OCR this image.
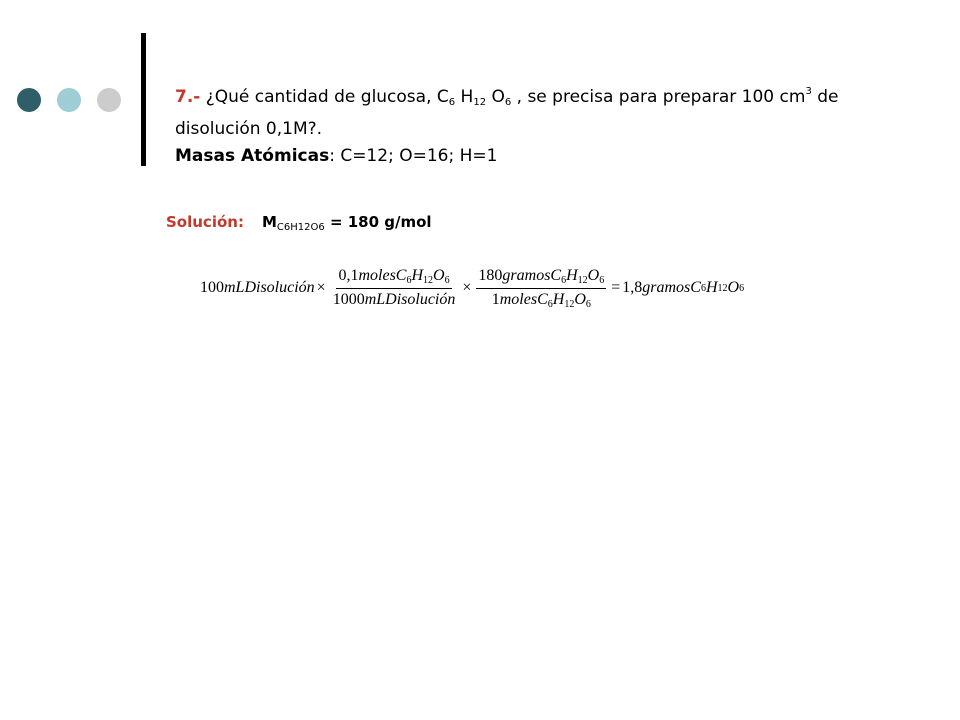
7.- ¿Qué cantidad de glucosa, $C_6$ $H_{12}$ $O_6$ , se precisa para preparar 100 $cm^3$ de
disolución 0,1M?.
Masas Atómicas: C=12; O=16; H=1
Solución: $M_{C6H12O6} = 180$ g/mol
100 mLDisolución × $\frac{0,1molesC_6H_{12}O_6}{\text{1000mLDisolución}} \times \frac{180gramosC_6H_{12}O_6}{1molesC_6H_{12}O_6} = 1,8$ gramosC 6 H 12 O 6
